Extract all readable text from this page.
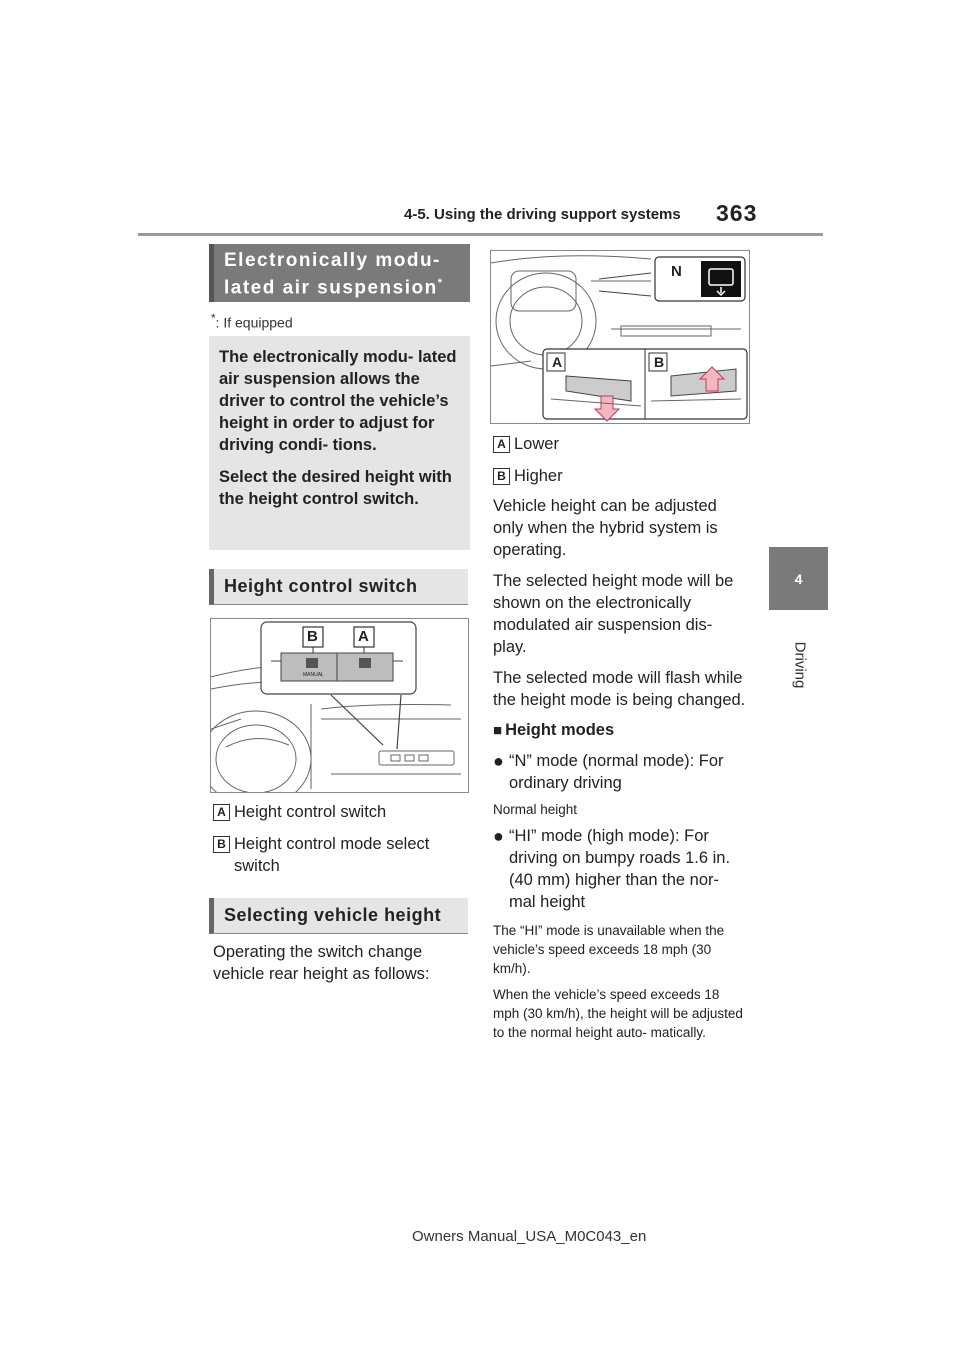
4-5. Using the driving support systems 363
4
Driving
Electronically modu-
lated air suspension*
*: If equipped

The electronically modu- lated air suspension allows the driver to control the vehicle’s height in order to adjust for driving condi- tions.

Select the desired height with the height control switch.

Height control switch
B	A
MANUAL
A Height control switch
B Height control mode select switch
Selecting vehicle height
Operating the switch change vehicle rear height as follows:
N
A	B
A Lower
B Higher

Vehicle height can be adjusted only when the hybrid system is operating.

The selected height mode will be shown on the electronically modulated air suspension dis- play.

The selected mode will flash while the height mode is being changed.

■ Height modes
● “N” mode (normal mode): For ordinary driving
Normal height
● “HI” mode (high mode): For driving on bumpy roads 1.6 in. (40 mm) higher than the nor- mal height
The “HI” mode is unavailable when the vehicle’s speed exceeds 18 mph (30 km/h).
When the vehicle’s speed exceeds 18 mph (30 km/h), the height will be adjusted to the normal height auto- matically.
Owners Manual_USA_M0C043_en
